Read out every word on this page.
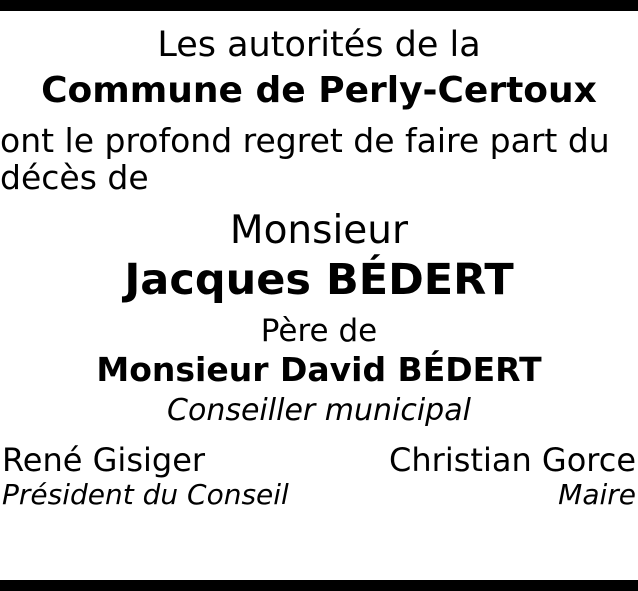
Les autorités de la
Commune de Perly-Certoux
ont le profond regret de faire part du décès de
Monsieur
Jacques BÉDERT
Père de
Monsieur David BÉDERT
Conseiller municipal
René Gisiger
Président du Conseil
Christian Gorce
Maire
